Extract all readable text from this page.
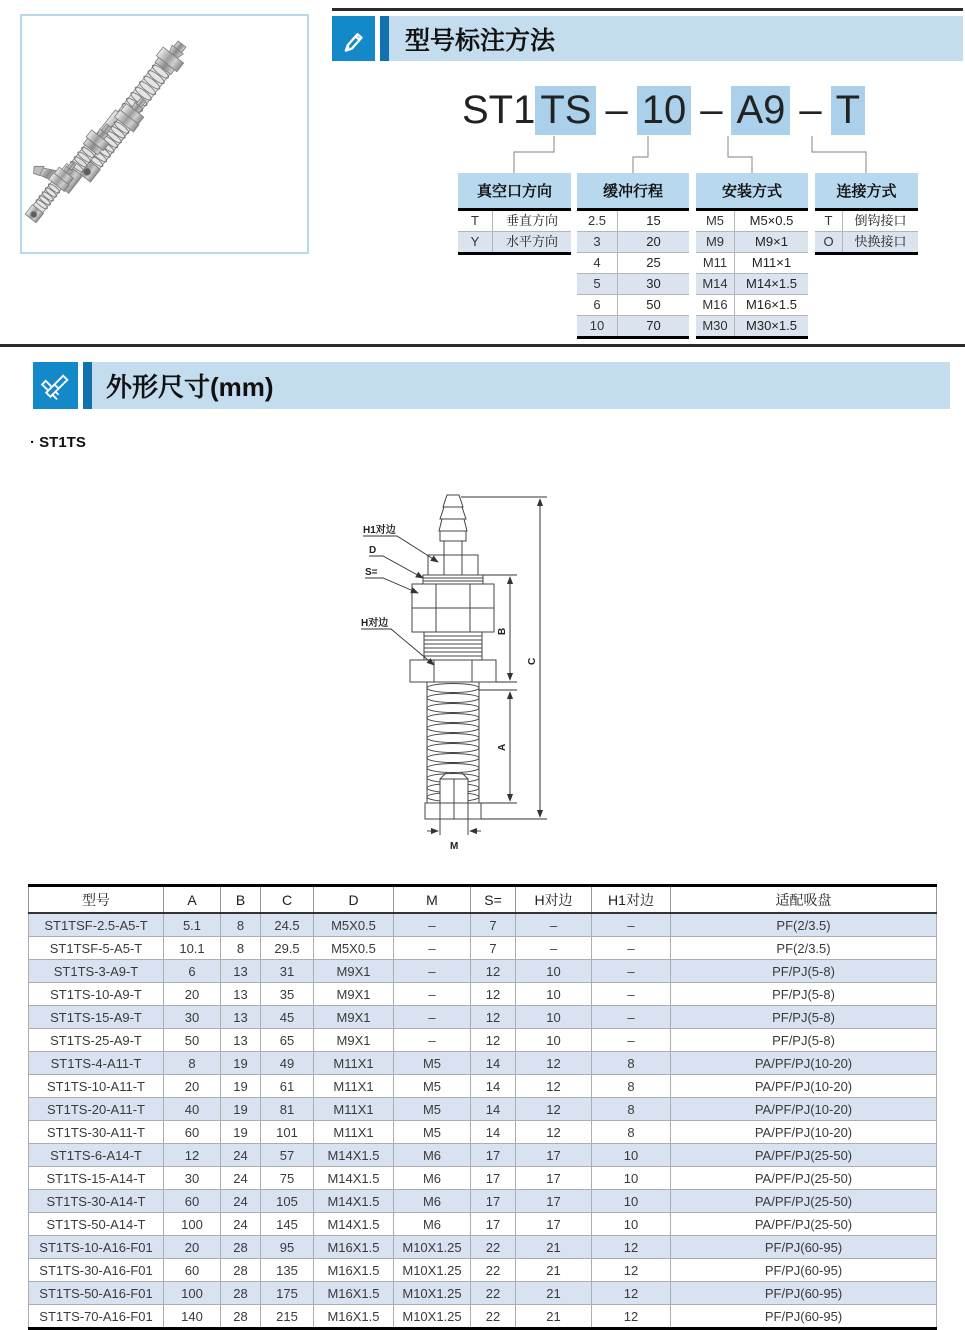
型号标注方法
ST1 TS – 10 – A9 – T
真空口方向
T	垂直方向
Y	水平方向
缓冲行程
2.5	15
3	20
4	25
5	30
6	50
10	70
安装方式
M5	M5×0.5
M9	M9×1
M11	M11×1
M14	M14×1.5
M16	M16×1.5
M30	M30×1.5
连接方式
T	倒钩接口
O	快换接口
外形尺寸(mm)
· ST1TS
H1对边
D
S=
H对边
B
A
C
M
型号	A	B	C	D	M	S=	H对边	H1对边	适配吸盘
ST1TSF-2.5-A5-T	5.1	8	24.5	M5X0.5	–	7	–	–	PF(2/3.5)
ST1TSF-5-A5-T	10.1	8	29.5	M5X0.5	–	7	–	–	PF(2/3.5)
ST1TS-3-A9-T	6	13	31	M9X1	–	12	10	–	PF/PJ(5-8)
ST1TS-10-A9-T	20	13	35	M9X1	–	12	10	–	PF/PJ(5-8)
ST1TS-15-A9-T	30	13	45	M9X1	–	12	10	–	PF/PJ(5-8)
ST1TS-25-A9-T	50	13	65	M9X1	–	12	10	–	PF/PJ(5-8)
ST1TS-4-A11-T	8	19	49	M11X1	M5	14	12	8	PA/PF/PJ(10-20)
ST1TS-10-A11-T	20	19	61	M11X1	M5	14	12	8	PA/PF/PJ(10-20)
ST1TS-20-A11-T	40	19	81	M11X1	M5	14	12	8	PA/PF/PJ(10-20)
ST1TS-30-A11-T	60	19	101	M11X1	M5	14	12	8	PA/PF/PJ(10-20)
ST1TS-6-A14-T	12	24	57	M14X1.5	M6	17	17	10	PA/PF/PJ(25-50)
ST1TS-15-A14-T	30	24	75	M14X1.5	M6	17	17	10	PA/PF/PJ(25-50)
ST1TS-30-A14-T	60	24	105	M14X1.5	M6	17	17	10	PA/PF/PJ(25-50)
ST1TS-50-A14-T	100	24	145	M14X1.5	M6	17	17	10	PA/PF/PJ(25-50)
ST1TS-10-A16-F01	20	28	95	M16X1.5	M10X1.25	22	21	12	PF/PJ(60-95)
ST1TS-30-A16-F01	60	28	135	M16X1.5	M10X1.25	22	21	12	PF/PJ(60-95)
ST1TS-50-A16-F01	100	28	175	M16X1.5	M10X1.25	22	21	12	PF/PJ(60-95)
ST1TS-70-A16-F01	140	28	215	M16X1.5	M10X1.25	22	21	12	PF/PJ(60-95)
